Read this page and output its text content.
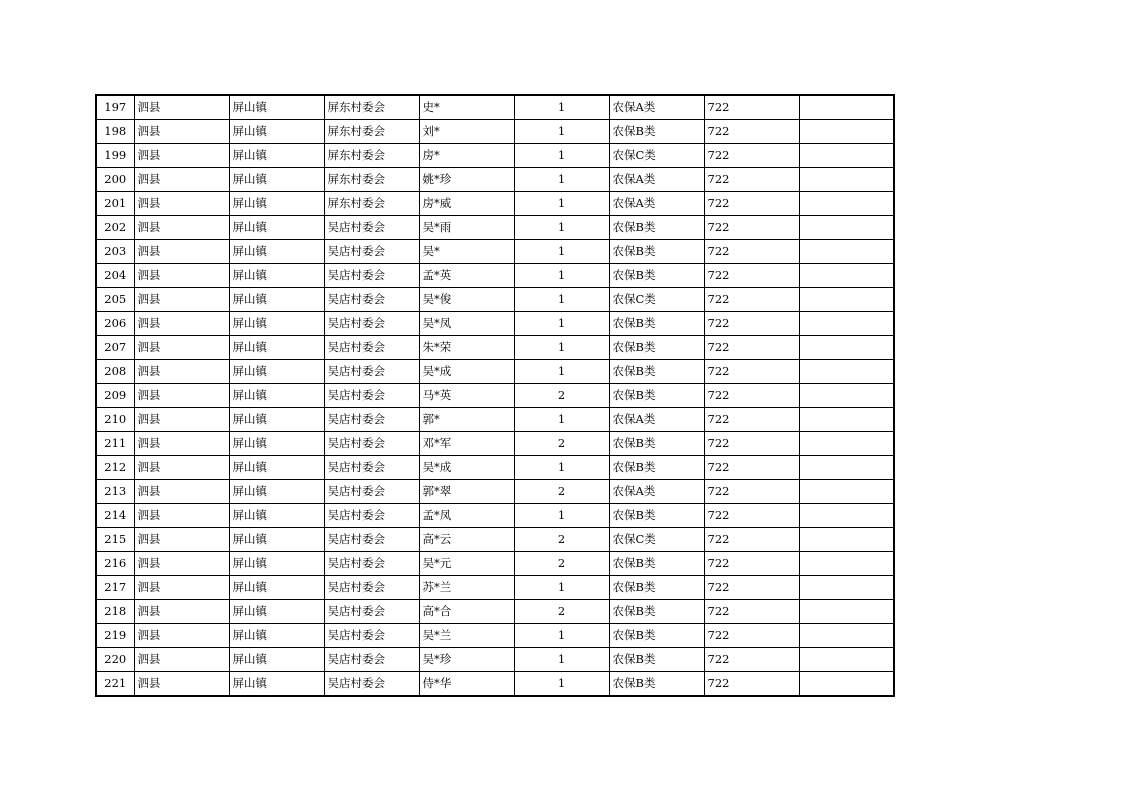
197	泗县	屏山镇	屏东村委会	史*	1	农保A类	722	
198	泗县	屏山镇	屏东村委会	刘*	1	农保B类	722	
199	泗县	屏山镇	屏东村委会	房*	1	农保C类	722	
200	泗县	屏山镇	屏东村委会	姚*珍	1	农保A类	722	
201	泗县	屏山镇	屏东村委会	房*威	1	农保A类	722	
202	泗县	屏山镇	吴店村委会	吴*雨	1	农保B类	722	
203	泗县	屏山镇	吴店村委会	吴*	1	农保B类	722	
204	泗县	屏山镇	吴店村委会	孟*英	1	农保B类	722	
205	泗县	屏山镇	吴店村委会	吴*俊	1	农保C类	722	
206	泗县	屏山镇	吴店村委会	吴*凤	1	农保B类	722	
207	泗县	屏山镇	吴店村委会	朱*荣	1	农保B类	722	
208	泗县	屏山镇	吴店村委会	吴*成	1	农保B类	722	
209	泗县	屏山镇	吴店村委会	马*英	2	农保B类	722	
210	泗县	屏山镇	吴店村委会	郭*	1	农保A类	722	
211	泗县	屏山镇	吴店村委会	邓*军	2	农保B类	722	
212	泗县	屏山镇	吴店村委会	吴*成	1	农保B类	722	
213	泗县	屏山镇	吴店村委会	郭*翠	2	农保A类	722	
214	泗县	屏山镇	吴店村委会	孟*凤	1	农保B类	722	
215	泗县	屏山镇	吴店村委会	高*云	2	农保C类	722	
216	泗县	屏山镇	吴店村委会	吴*元	2	农保B类	722	
217	泗县	屏山镇	吴店村委会	苏*兰	1	农保B类	722	
218	泗县	屏山镇	吴店村委会	高*合	2	农保B类	722	
219	泗县	屏山镇	吴店村委会	吴*兰	1	农保B类	722	
220	泗县	屏山镇	吴店村委会	吴*珍	1	农保B类	722	
221	泗县	屏山镇	吴店村委会	侍*华	1	农保B类	722	
